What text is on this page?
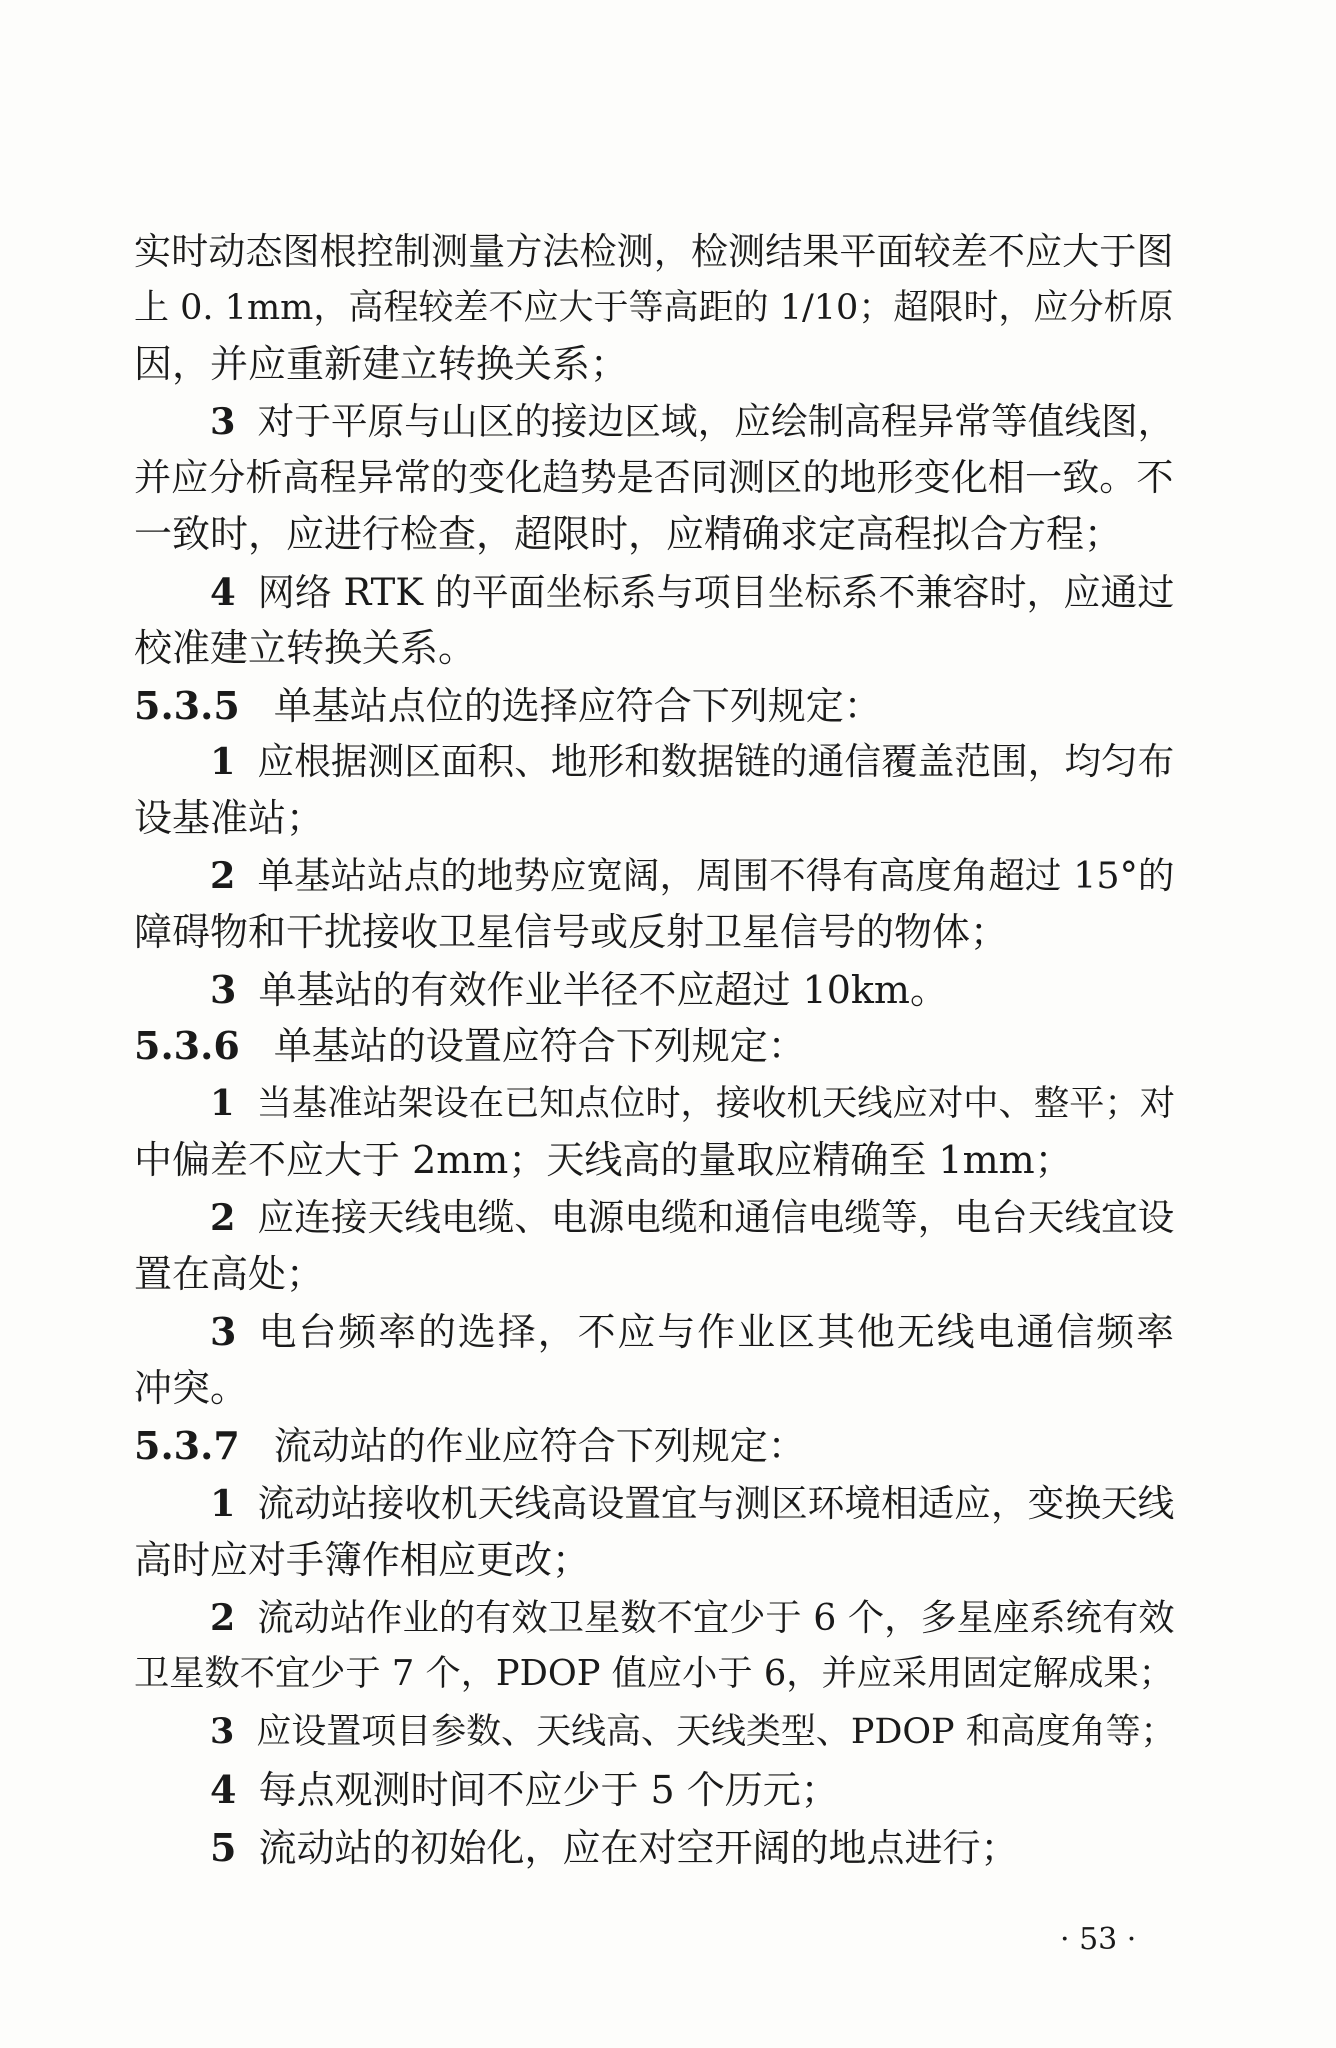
实时动态图根控制测量方法检测，检测结果平面较差不应大于图
上 0. 1mm，高程较差不应大于等高距的 1/10；超限时，应分析原
因，并应重新建立转换关系；
3 对于平原与山区的接边区域，应绘制高程异常等值线图，
并应分析高程异常的变化趋势是否同测区的地形变化相一致。不
一致时，应进行检查，超限时，应精确求定高程拟合方程；
4 网络 RTK 的平面坐标系与项目坐标系不兼容时，应通过
校准建立转换关系。
5.3.5 单基站点位的选择应符合下列规定：
1 应根据测区面积、地形和数据链的通信覆盖范围，均匀布
设基准站；
2 单基站站点的地势应宽阔，周围不得有高度角超过 15°的
障碍物和干扰接收卫星信号或反射卫星信号的物体；
3 单基站的有效作业半径不应超过 10km。
5.3.6 单基站的设置应符合下列规定：
1 当基准站架设在已知点位时，接收机天线应对中、整平；对
中偏差不应大于 2mm；天线高的量取应精确至 1mm；
2 应连接天线电缆、电源电缆和通信电缆等，电台天线宜设
置在高处；
3 电台频率的选择，不应与作业区其他无线电通信频率
冲突。
5.3.7 流动站的作业应符合下列规定：
1 流动站接收机天线高设置宜与测区环境相适应，变换天线
高时应对手簿作相应更改；
2 流动站作业的有效卫星数不宜少于 6 个，多星座系统有效
卫星数不宜少于 7 个，PDOP 值应小于 6，并应采用固定解成果；
3 应设置项目参数、天线高、天线类型、PDOP 和高度角等；
4 每点观测时间不应少于 5 个历元；
5 流动站的初始化，应在对空开阔的地点进行；
· 53 ·
